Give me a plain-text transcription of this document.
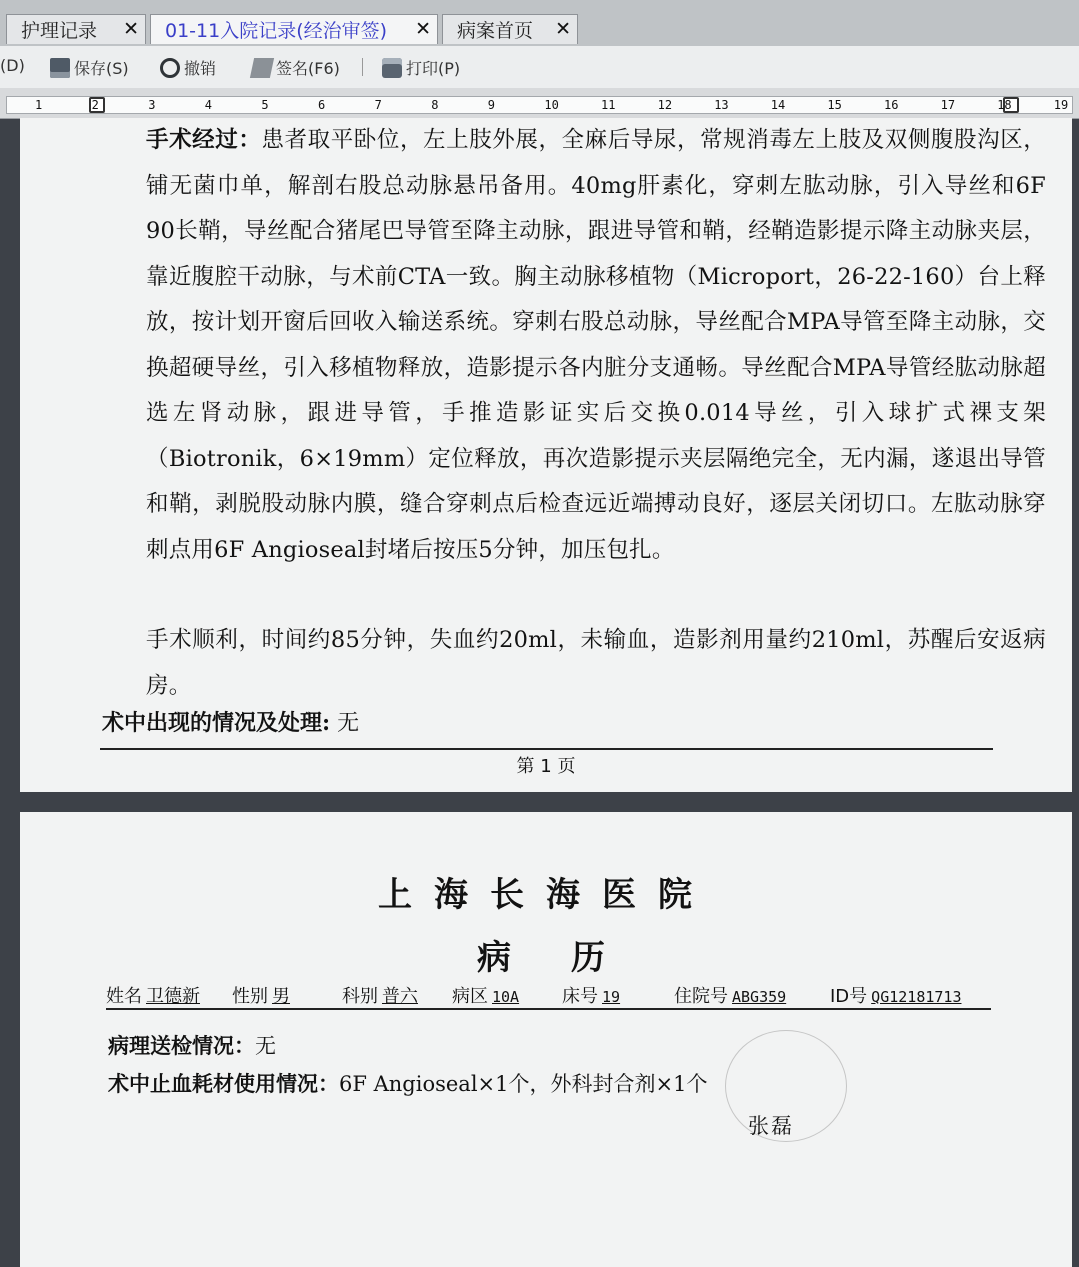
护理记录 ✕ 01-11入院记录(经治审签) ✕ 病案首页 ✕
(D)	保存(S)	撤销	签名(F6)	打印(P)
1	2	3	4	5	6	7	8	9	10	11	12	13	14	15	16	17	18	19

手术经过：患者取平卧位，左上肢外展，全麻后导尿，常规消毒左上肢及双侧腹股沟区，铺无菌巾单，解剖右股总动脉悬吊备用。40mg肝素化，穿刺左肱动脉，引入导丝和6F 90长鞘，导丝配合猪尾巴导管至降主动脉，跟进导管和鞘，经鞘造影提示降主动脉夹层，靠近腹腔干动脉，与术前CTA一致。胸主动脉移植物（Microport，26-22-160）台上释放，按计划开窗后回收入输送系统。穿刺右股总动脉，导丝配合MPA导管至降主动脉，交换超硬导丝，引入移植物释放，造影提示各内脏分支通畅。导丝配合MPA导管经肱动脉超选左肾动脉，跟进导管，手推造影证实后交换0.014导丝，引入球扩式裸支架（Biotronik，6×19mm）定位释放，再次造影提示夹层隔绝完全，无内漏，遂退出导管和鞘，剥脱股动脉内膜，缝合穿刺点后检查远近端搏动良好，逐层关闭切口。左肱动脉穿刺点用6F Angioseal封堵后按压5分钟，加压包扎。

手术顺利，时间约85分钟，失血约20ml，未输血，造影剂用量约210ml，苏醒后安返病房。

术中出现的情况及处理: 无
第 1 页
上海长海医院
病历
姓名 卫德新 性别 男	科别 普六 病区 10A 床号 19	住院号 ABG359 ID号 QG12181713
病理送检情况：无
术中止血耗材使用情况：6F Angioseal×1个，外科封合剂×1个
张磊
